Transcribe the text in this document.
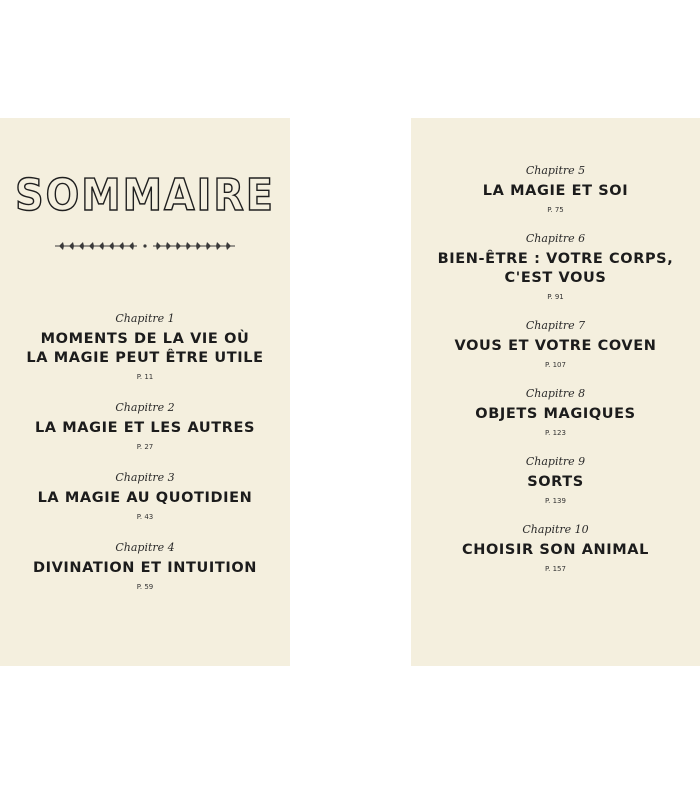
SOMMAIRE
Chapitre 1
MOMENTS DE LA VIE OÙ
LA MAGIE PEUT ÊTRE UTILE
P. 11
Chapitre 2
LA MAGIE ET LES AUTRES
P. 27
Chapitre 3
LA MAGIE AU QUOTIDIEN
P. 43
Chapitre 4
DIVINATION ET INTUITION
P. 59
Chapitre 5
LA MAGIE ET SOI
P. 75
Chapitre 6
BIEN-ÊTRE : VOTRE CORPS,
C'EST VOUS
P. 91
Chapitre 7
VOUS ET VOTRE COVEN
P. 107
Chapitre 8
OBJETS MAGIQUES
P. 123
Chapitre 9
SORTS
P. 139
Chapitre 10
CHOISIR SON ANIMAL
P. 157
